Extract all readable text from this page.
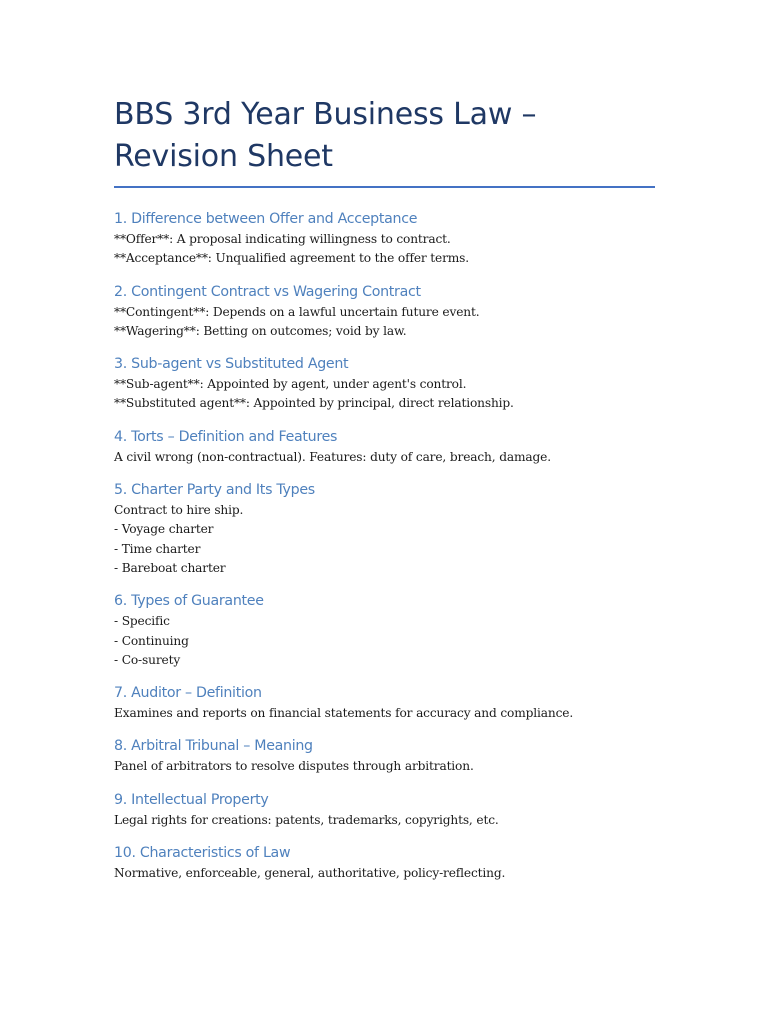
BBS 3rd Year Business Law – Revision Sheet
1. Difference between Offer and Acceptance

**Offer**: A proposal indicating willingness to contract.

**Acceptance**: Unqualified agreement to the offer terms.

2. Contingent Contract vs Wagering Contract

**Contingent**: Depends on a lawful uncertain future event.

**Wagering**: Betting on outcomes; void by law.

3. Sub-agent vs Substituted Agent

**Sub-agent**: Appointed by agent, under agent's control.

**Substituted agent**: Appointed by principal, direct relationship.

4. Torts – Definition and Features

A civil wrong (non-contractual). Features: duty of care, breach, damage.

5. Charter Party and Its Types

Contract to hire ship.

- Voyage charter

- Time charter

- Bareboat charter

6. Types of Guarantee

- Specific

- Continuing

- Co-surety

7. Auditor – Definition

Examines and reports on financial statements for accuracy and compliance.

8. Arbitral Tribunal – Meaning

Panel of arbitrators to resolve disputes through arbitration.

9. Intellectual Property

Legal rights for creations: patents, trademarks, copyrights, etc.

10. Characteristics of Law

Normative, enforceable, general, authoritative, policy-reflecting.
